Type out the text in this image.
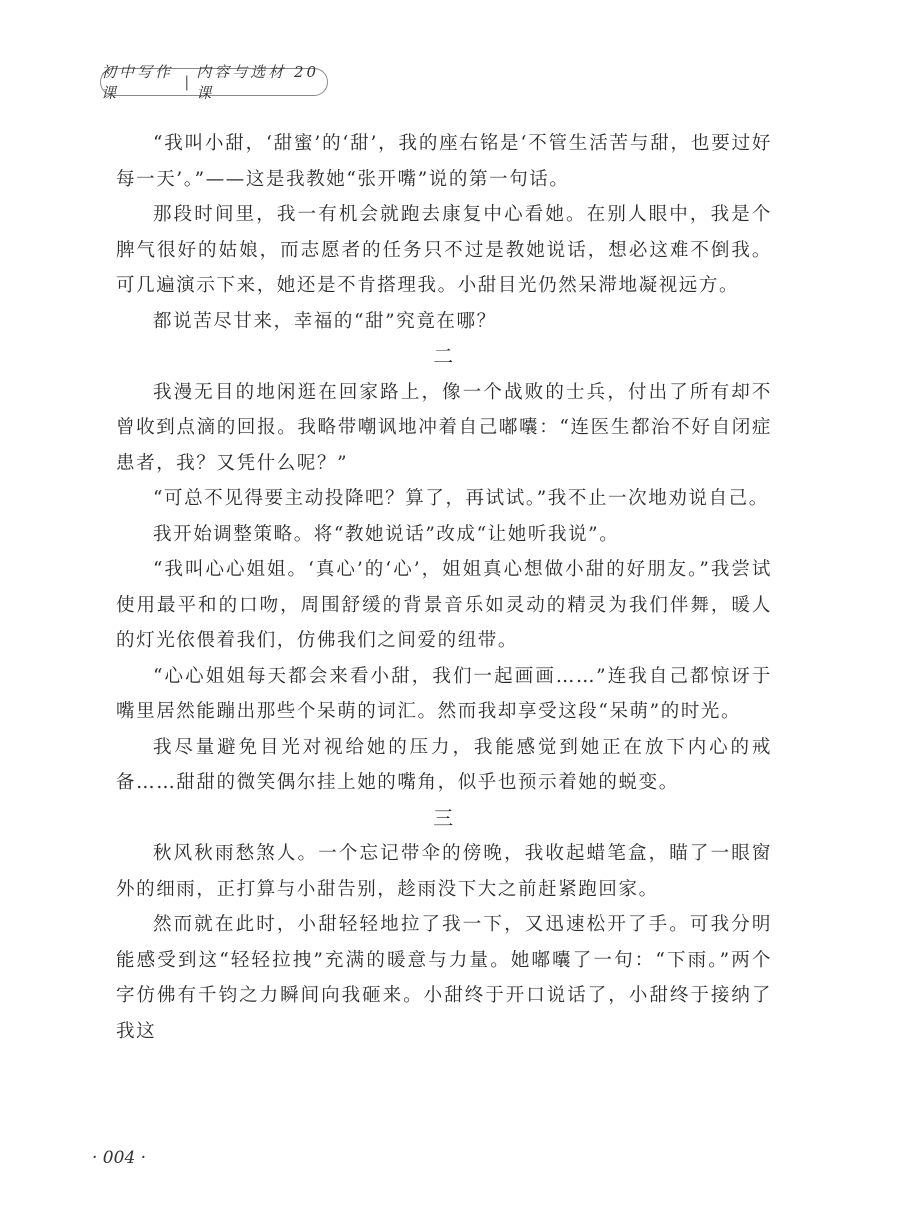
初中写作课
|
内容与选材 20 课

“我叫小甜，‘甜蜜’的‘甜’，我的座右铭是‘不管生活苦与甜，也要过好每一天’。”——这是我教她“张开嘴”说的第一句话。

那段时间里，我一有机会就跑去康复中心看她。在别人眼中，我是个脾气很好的姑娘，而志愿者的任务只不过是教她说话，想必这难不倒我。可几遍演示下来，她还是不肯搭理我。小甜目光仍然呆滞地凝视远方。

都说苦尽甘来，幸福的“甜”究竟在哪？

二

我漫无目的地闲逛在回家路上，像一个战败的士兵，付出了所有却不曾收到点滴的回报。我略带嘲讽地冲着自己嘟囔：“连医生都治不好自闭症患者，我？又凭什么呢？”

“可总不见得要主动投降吧？算了，再试试。”我不止一次地劝说自己。

我开始调整策略。将“教她说话”改成“让她听我说”。

“我叫心心姐姐。‘真心’的‘心’，姐姐真心想做小甜的好朋友。”我尝试使用最平和的口吻，周围舒缓的背景音乐如灵动的精灵为我们伴舞，暖人的灯光依偎着我们，仿佛我们之间爱的纽带。

“心心姐姐每天都会来看小甜，我们一起画画……”连我自己都惊讶于嘴里居然能蹦出那些个呆萌的词汇。然而我却享受这段“呆萌”的时光。

我尽量避免目光对视给她的压力，我能感觉到她正在放下内心的戒备……甜甜的微笑偶尔挂上她的嘴角，似乎也预示着她的蜕变。

三

秋风秋雨愁煞人。一个忘记带伞的傍晚，我收起蜡笔盒，瞄了一眼窗外的细雨，正打算与小甜告别，趁雨没下大之前赶紧跑回家。

然而就在此时，小甜轻轻地拉了我一下，又迅速松开了手。可我分明能感受到这“轻轻拉拽”充满的暖意与力量。她嘟囔了一句：“下雨。”两个字仿佛有千钧之力瞬间向我砸来。小甜终于开口说话了，小甜终于接纳了我这

· 004 ·
